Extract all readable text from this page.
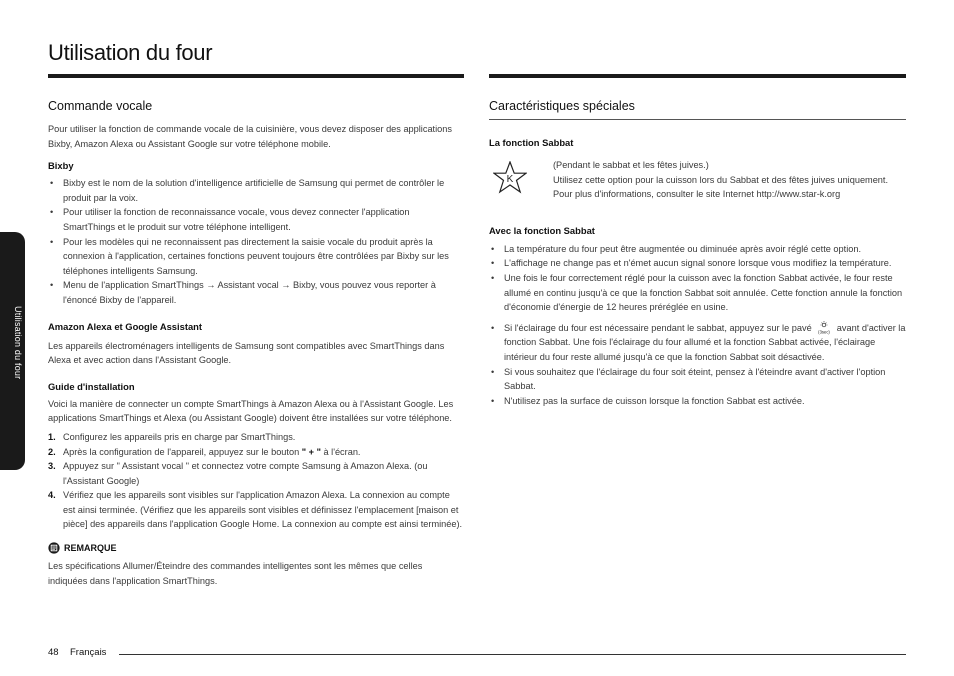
Utilisation du four
Utilisation du four
Commande vocale

Pour utiliser la fonction de commande vocale de la cuisinière, vous devez disposer des applications Bixby, Amazon Alexa ou Assistant Google sur votre téléphone mobile.

Bixby

• Bixby est le nom de la solution d'intelligence artificielle de Samsung qui permet de contrôler le produit par la voix.
• Pour utiliser la fonction de reconnaissance vocale, vous devez connecter l'application SmartThings et le produit sur votre téléphone intelligent.
• Pour les modèles qui ne reconnaissent pas directement la saisie vocale du produit après la connexion à l'application, certaines fonctions peuvent toujours être contrôlées par Bixby sur les téléphones intelligents Samsung.
• Menu de l'application SmartThings → Assistant vocal → Bixby, vous pouvez vous reporter à l'énoncé Bixby de l'appareil.

Amazon Alexa et Google Assistant

Les appareils électroménagers intelligents de Samsung sont compatibles avec SmartThings dans Alexa et avec action dans l'Assistant Google.

Guide d'installation

Voici la manière de connecter un compte SmartThings à Amazon Alexa ou à l'Assistant Google. Les applications SmartThings et Alexa (ou Assistant Google) doivent être installées sur votre téléphone.

1. Configurez les appareils pris en charge par SmartThings.
2. Après la configuration de l'appareil, appuyez sur le bouton " + " à l'écran.
3. Appuyez sur " Assistant vocal " et connectez votre compte Samsung à Amazon Alexa. (ou l'Assistant Google)
4. Vérifiez que les appareils sont visibles sur l'application Amazon Alexa. La connexion au compte est ainsi terminée. (Vérifiez que les appareils sont visibles et définissez l'emplacement [maison et pièce] des appareils dans l'application Google Home. La connexion au compte est ainsi terminée).
REMARQUE

Les spécifications Allumer/Éteindre des commandes intelligentes sont les mêmes que celles indiquées dans l'application SmartThings.

Caractéristiques spéciales

La fonction Sabbat

K

(Pendant le sabbat et les fêtes juives.)

Utilisez cette option pour la cuisson lors du Sabbat et des fêtes juives uniquement. Pour plus d'informations, consulter le site Internet http://www.star-k.org

Avec la fonction Sabbat

• La température du four peut être augmentée ou diminuée après avoir réglé cette option.
• L'affichage ne change pas et n'émet aucun signal sonore lorsque vous modifiez la température.
• Une fois le four correctement réglé pour la cuisson avec la fonction Sabbat activée, le four reste allumé en continu jusqu'à ce que la fonction Sabbat soit annulée. Cette fonction annule la fonction d'économie d'énergie de 12 heures préréglée en usine.
• Si l'éclairage du four est nécessaire pendant le sabbat, appuyez sur le pavé (3sec) avant d'activer la fonction Sabbat. Une fois l'éclairage du four allumé et la fonction Sabbat activée, l'éclairage intérieur du four reste allumé jusqu'à ce que la fonction Sabbat soit désactivée.
• Si vous souhaitez que l'éclairage du four soit éteint, pensez à l'éteindre avant d'activer l'option Sabbat.
• N'utilisez pas la surface de cuisson lorsque la fonction Sabbat est activée.
48 Français
